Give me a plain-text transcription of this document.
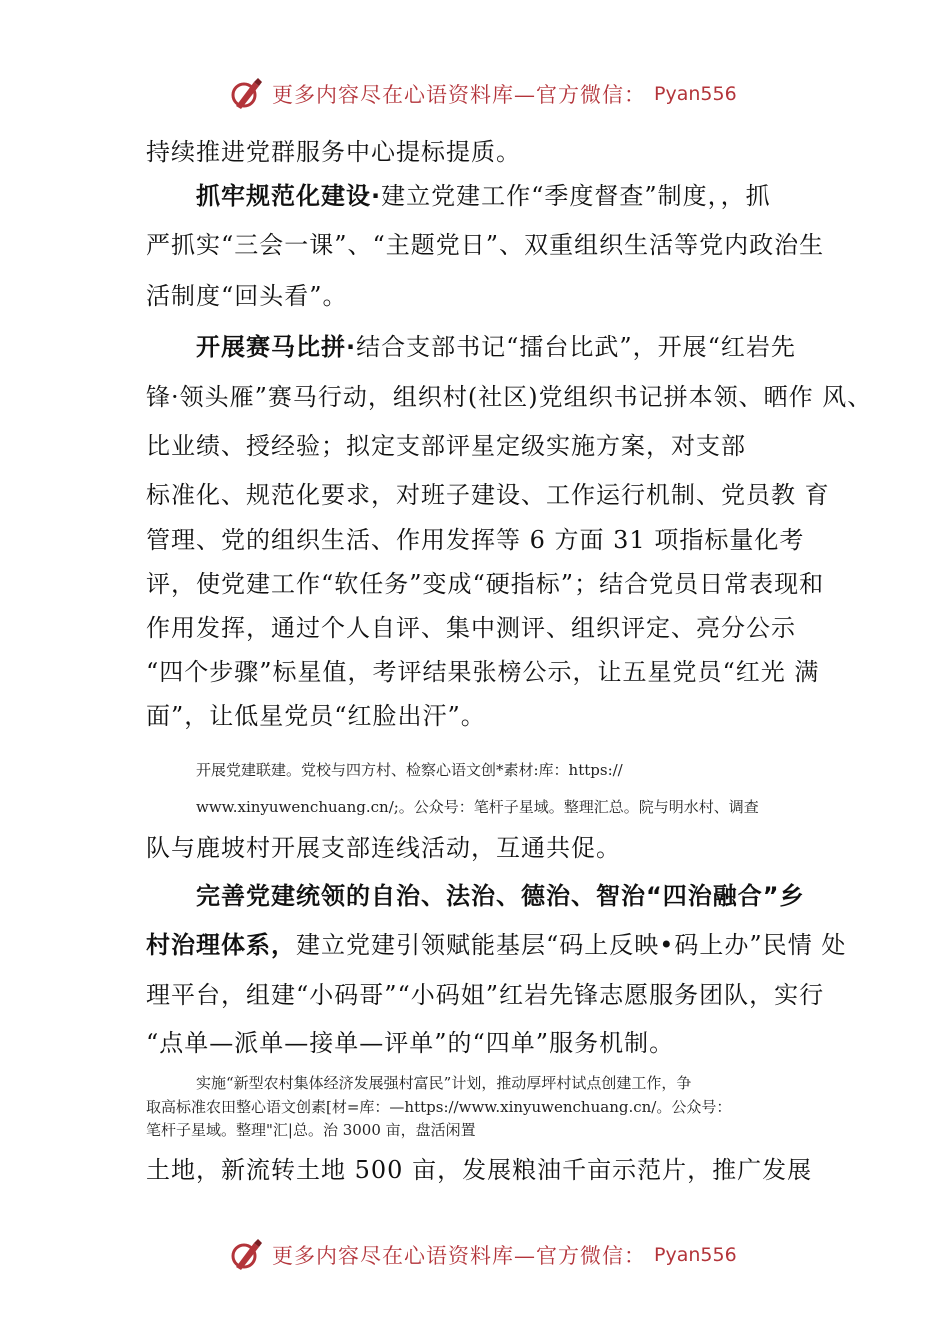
更多内容尽在心语资料库—官方微信： Pyan556
持续推进党群服务中心提标提质。
抓牢规范化建设·建立党建工作“季度督查”制度，，抓
严抓实“三会一课”、“主题党日”、双重组织生活等党内政治生
活制度“回头看”。
开展赛马比拼·结合支部书记“擂台比武”，开展“红岩先
锋·领头雁”赛马行动，组织村(社区)党组织书记拼本领、晒作 风、
比业绩、授经验；拟定支部评星定级实施方案，对支部
标准化、规范化要求，对班子建设、工作运行机制、党员教 育
管理、党的组织生活、作用发挥等 6 方面 31 项指标量化考
评，使党建工作“软任务”变成“硬指标”；结合党员日常表现和
作用发挥，通过个人自评、集中测评、组织评定、亮分公示
“四个步骤”标星值，考评结果张榜公示，让五星党员“红光 满
面”，让低星党员“红脸出汗”。
开展党建联建。党校与四方村、检察心语文创*素材:库：https://
www.xinyuwenchuang.cn/;。公众号：笔杆子星域。整理汇总。院与明水村、调查
队与鹿坡村开展支部连线活动，互通共促。
完善党建统领的自治、法治、德治、智治“四治融合”乡
村治理体系，建立党建引领赋能基层“码上反映•码上办”民情 处
理平台，组建“小码哥”“小码姐”红岩先锋志愿服务团队，实行
“点单—派单—接单—评单”的“四单”服务机制。
实施“新型农村集体经济发展强村富民”计划，推动厚坪村试点创建工作，争
取高标准农田整心语文创素[材=库：—https://www.xinyuwenchuang.cn/。公众号：
笔杆子星域。整理"汇|总。治 3000 亩，盘活闲置
土地，新流转土地 500 亩，发展粮油千亩示范片，推广发展
更多内容尽在心语资料库—官方微信： Pyan556
